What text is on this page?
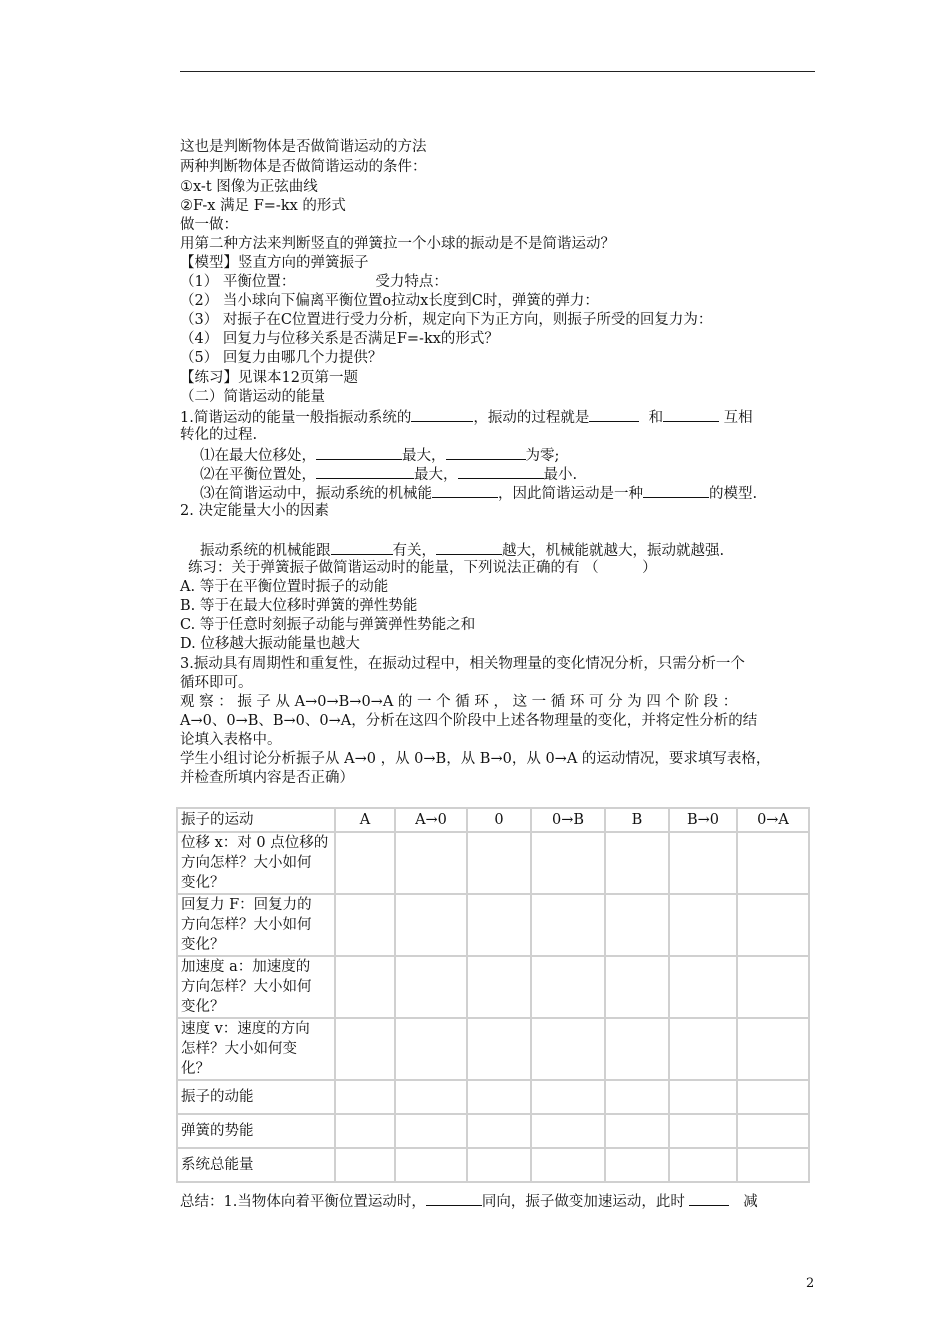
这也是判断物体是否做简谐运动的方法
两种判断物体是否做简谐运动的条件：
①x-t 图像为正弦曲线
②F-x 满足 F=-kx 的形式
做一做：
用第二种方法来判断竖直的弹簧拉一个小球的振动是不是简谐运动？
【模型】竖直方向的弹簧振子
（1） 平衡位置：	受力特点：
（2） 当小球向下偏离平衡位置o拉动x长度到C时，弹簧的弹力：
（3） 对振子在C位置进行受力分析，规定向下为正方向，则振子所受的回复力为：
（4） 回复力与位移关系是否满足F=-kx的形式？
（5） 回复力由哪几个力提供？
【练习】见课本12页第一题
（二）简谐运动的能量
1.简谐运动的能量一般指振动系统的	，振动的过程就是	和	互相
转化的过程.
⑴在最大位移处，	最大，	为零;
⑵在平衡位置处，	最大，	最小.
⑶在简谐运动中，振动系统的机械能	，因此简谐运动是一种	的模型.
2. 决定能量大小的因素
振动系统的机械能跟	有关，	越大，机械能就越大，振动就越强.
练习：关于弹簧振子做简谐运动时的能量，下列说法正确的有 （　　　）
A. 等于在平衡位置时振子的动能
B. 等于在最大位移时弹簧的弹性势能
C. 等于任意时刻振子动能与弹簧弹性势能之和
D. 位移越大振动能量也越大
3.振动具有周期性和重复性，在振动过程中，相关物理量的变化情况分析，只需分析一个
循环即可。
观 察 ： 振 子 从 A→0→B→0→A 的 一 个 循 环 ， 这 一 循 环 可 分 为 四 个 阶 段 ：
A→0、0→B、B→0、0→A，分析在这四个阶段中上述各物理量的变化，并将定性分析的结
论填入表格中。
学生小组讨论分析振子从 A→0 ，从 0→B，从 B→0，从 0→A 的运动情况，要求填写表格，
并检查所填内容是否正确）
振子的运动	A	A→0	0	0→B	B	B→0	0→A

位移 x：对 0 点位移的
方向怎样？大小如何
变化？							

回复力 F：回复力的
方向怎样？大小如何
变化？							

加速度 a：加速度的
方向怎样？大小如何
变化？							

速度 v：速度的方向
怎样？大小如何变
化？							

振子的动能							
弹簧的势能							
系统总能量							
总结：1.当物体向着平衡位置运动时，	同向，振子做变加速运动，此时	减
2
